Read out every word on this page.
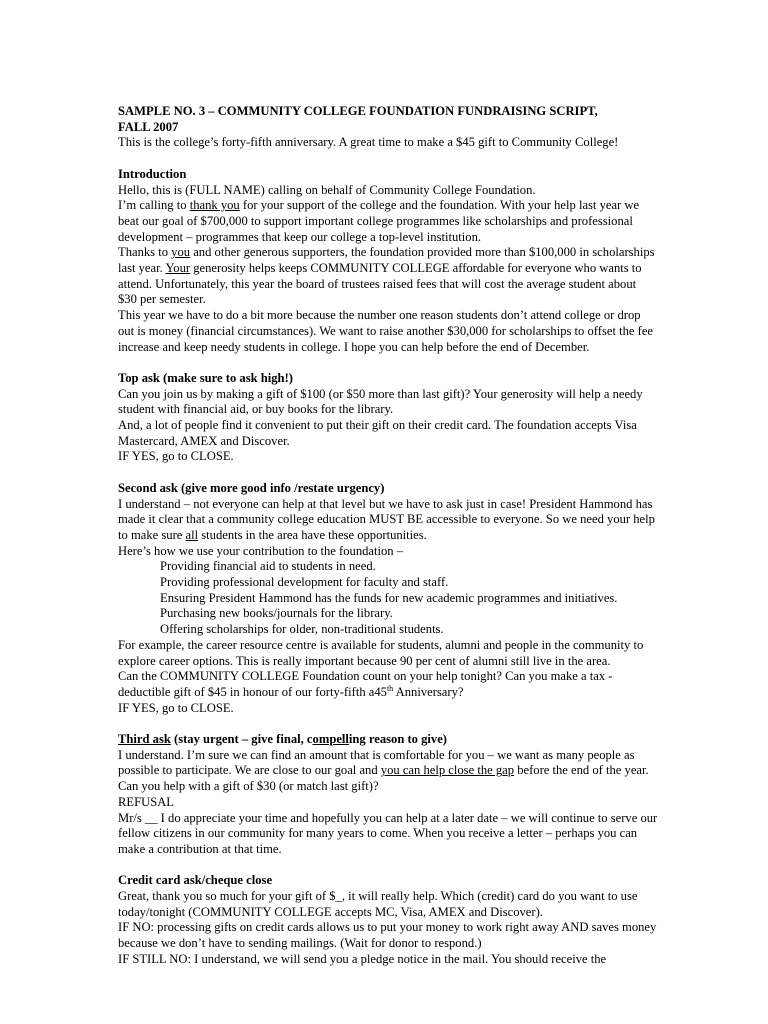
SAMPLE NO. 3 – COMMUNITY COLLEGE FOUNDATION FUNDRAISING SCRIPT,
FALL 2007
This is the college’s forty-fifth anniversary. A great time to make a $45 gift to Community College!
Introduction
Hello, this is (FULL NAME) calling on behalf of Community College Foundation.
I’m calling to thank you for your support of the college and the foundation. With your help last year we beat our goal of $700,000 to support important college programmes like scholarships and professional development – programmes that keep our college a top-level institution.
Thanks to you and other generous supporters, the foundation provided more than $100,000 in scholarships last year. Your generosity helps keeps COMMUNITY COLLEGE affordable for everyone who wants to attend. Unfortunately, this year the board of trustees raised fees that will cost the average student about $30 per semester.
This year we have to do a bit more because the number one reason students don’t attend college or drop out is money (financial circumstances). We want to raise another $30,000 for scholarships to offset the fee increase and keep needy students in college. I hope you can help before the end of December.
Top ask (make sure to ask high!)
Can you join us by making a gift of $100 (or $50 more than last gift)? Your generosity will help a needy student with financial aid, or buy books for the library.
And, a lot of people find it convenient to put their gift on their credit card. The foundation accepts Visa Mastercard, AMEX and Discover.
IF YES, go to CLOSE.
Second ask (give more good info /restate urgency)
I understand – not everyone can help at that level but we have to ask just in case! President Hammond has made it clear that a community college education MUST BE accessible to everyone. So we need your help to make sure all students in the area have these opportunities.
Here’s how we use your contribution to the foundation –
Providing financial aid to students in need.
Providing professional development for faculty and staff.
Ensuring President Hammond has the funds for new academic programmes and initiatives.
Purchasing new books/journals for the library.
Offering scholarships for older, non-traditional students.
For example, the career resource centre is available for students, alumni and people in the community to explore career options. This is really important because 90 per cent of alumni still live in the area.
Can the COMMUNITY COLLEGE Foundation count on your help tonight? Can you make a tax - deductible gift of $45 in honour of our forty-fifth a45th Anniversary?
IF YES, go to CLOSE.
Third ask (stay urgent – give final, compelling reason to give)
I understand. I’m sure we can find an amount that is comfortable for you – we want as many people as possible to participate. We are close to our goal and you can help close the gap before the end of the year. Can you help with a gift of $30 (or match last gift)?
REFUSAL
Mr/s __ I do appreciate your time and hopefully you can help at a later date – we will continue to serve our fellow citizens in our community for many years to come. When you receive a letter – perhaps you can make a contribution at that time.
Credit card ask/cheque close
Great, thank you so much for your gift of $_, it will really help. Which (credit) card do you want to use today/tonight (COMMUNITY COLLEGE accepts MC, Visa, AMEX and Discover).
IF NO: processing gifts on credit cards allows us to put your money to work right away AND saves money because we don’t have to sending mailings. (Wait for donor to respond.)
IF STILL NO: I understand, we will send you a pledge notice in the mail. You should receive the
